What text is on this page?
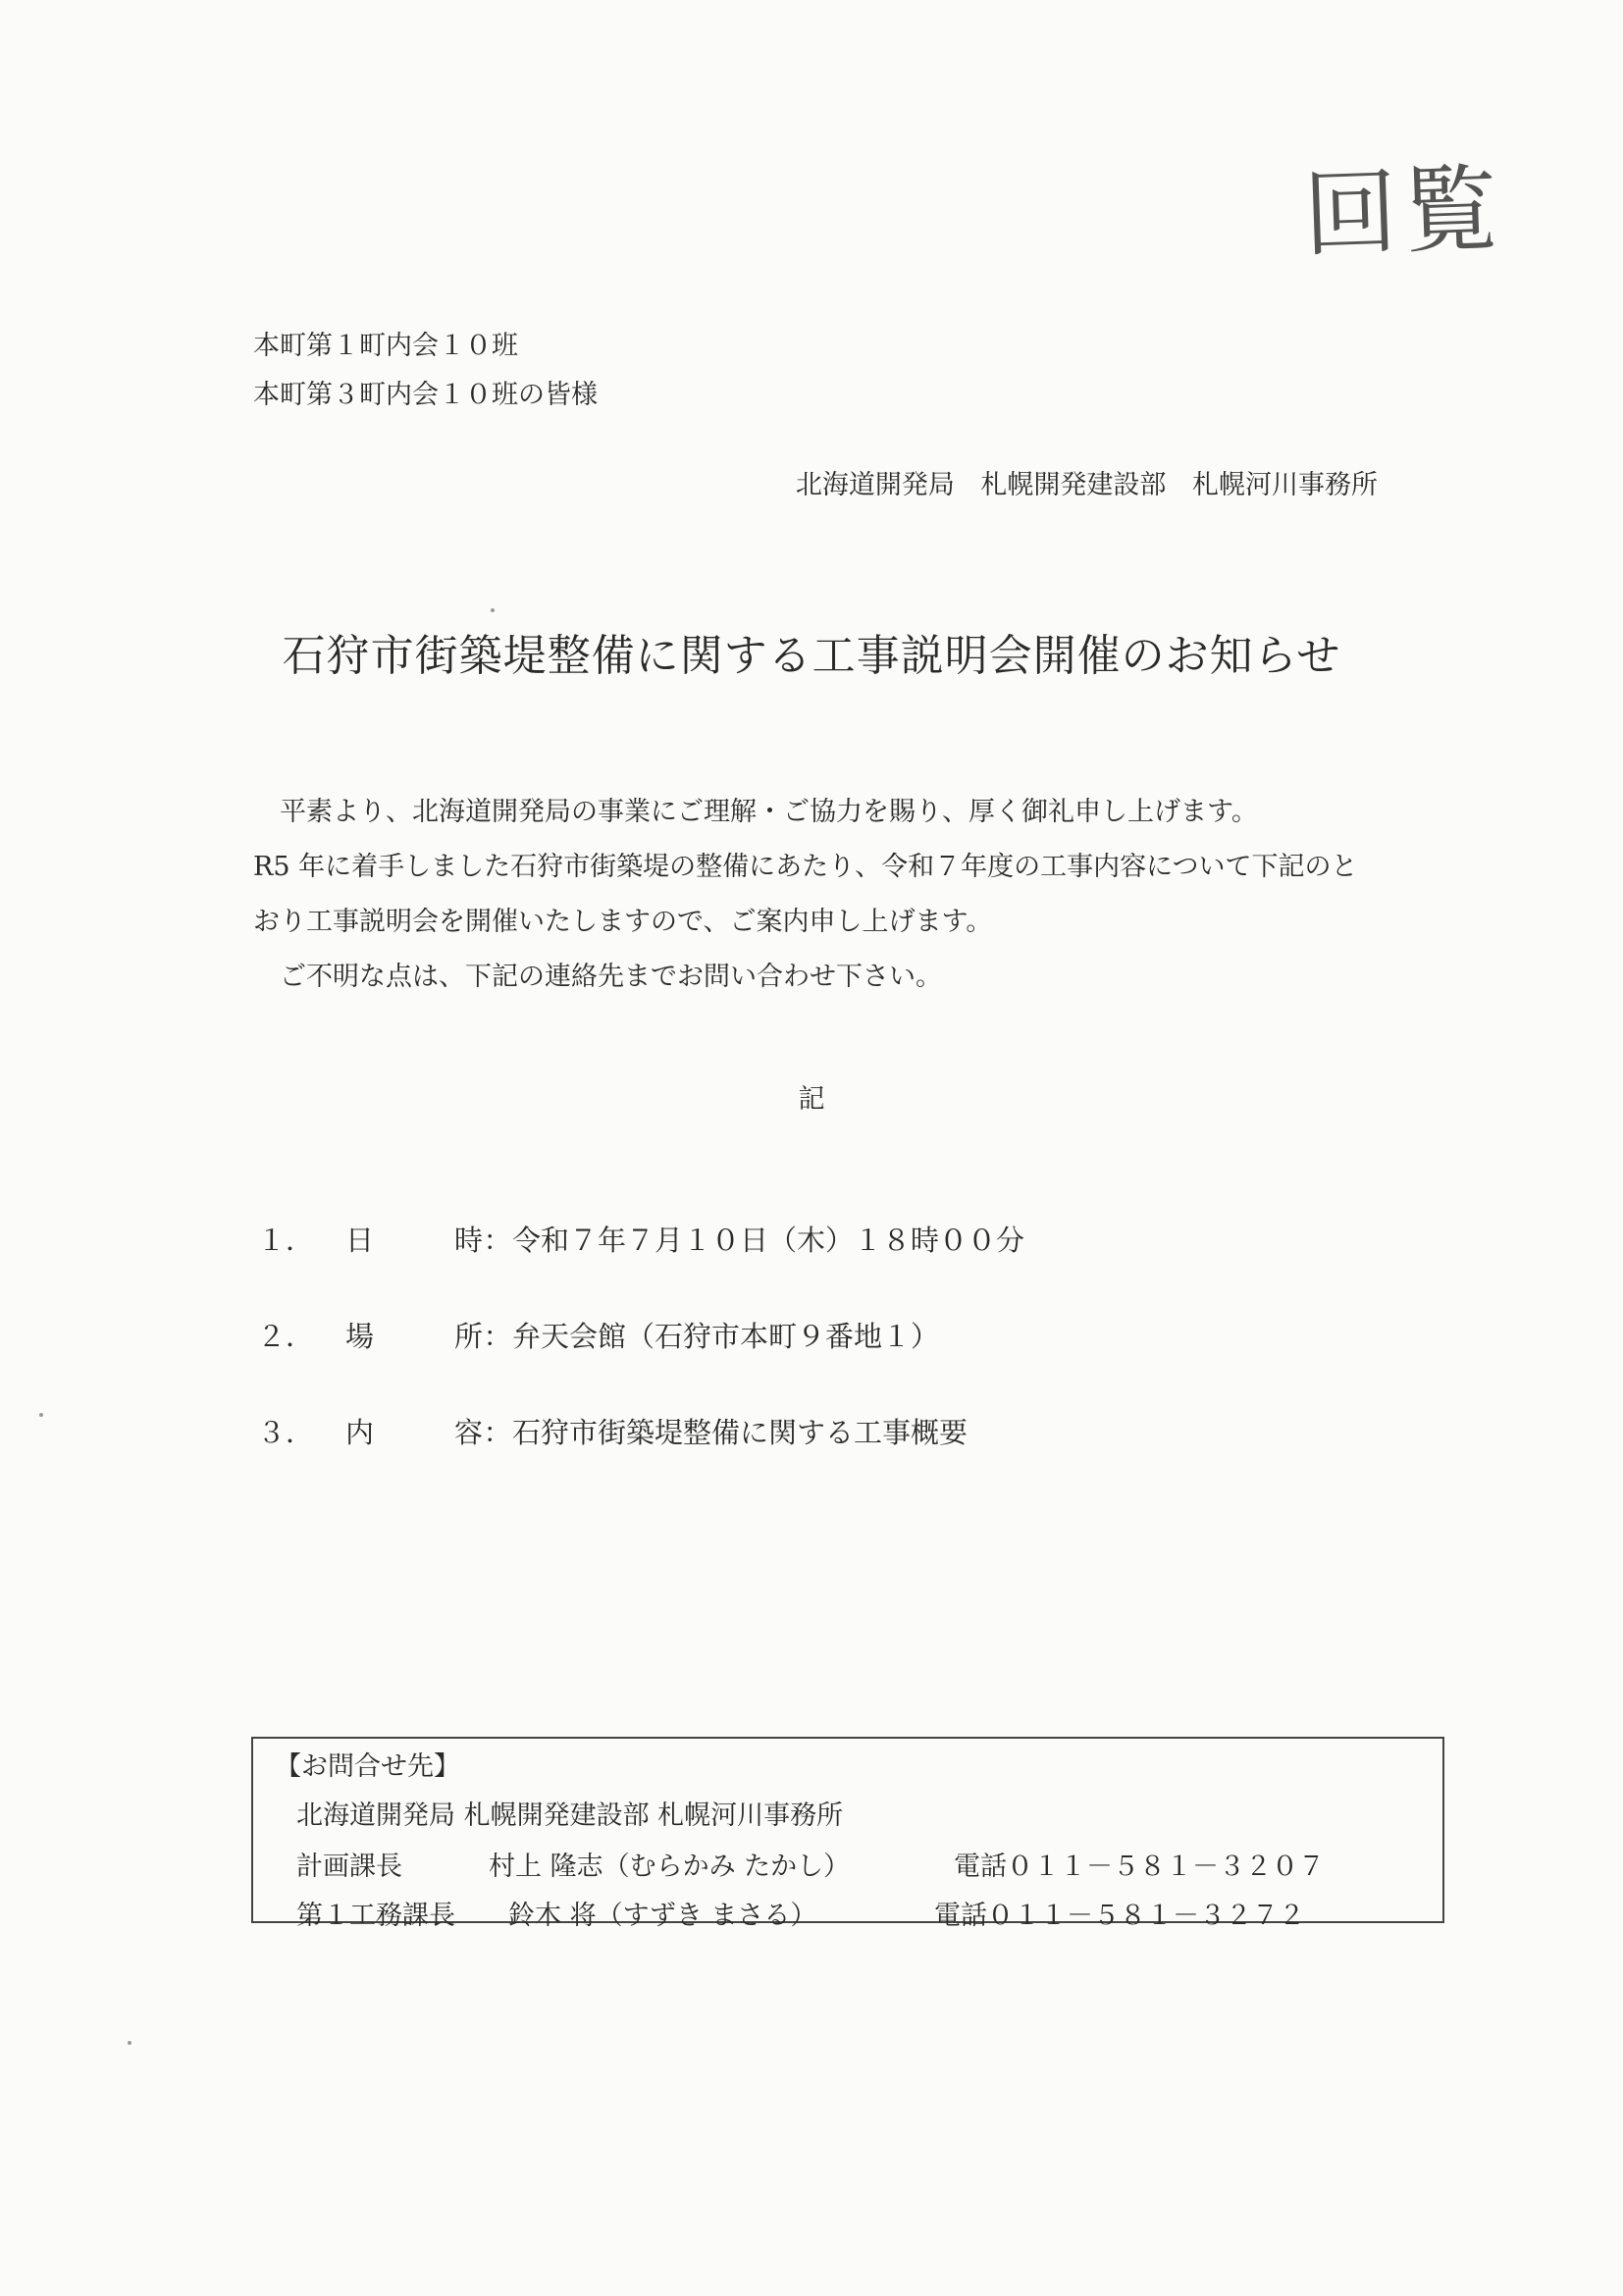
回覧
本町第１町内会１０班
本町第３町内会１０班の皆様
北海道開発局 札幌開発建設部 札幌河川事務所
石狩市街築堤整備に関する工事説明会開催のお知らせ

平素より、北海道開発局の事業にご理解・ご協力を賜り、厚く御礼申し上げます。

R5 年に着手しました石狩市街築堤の整備にあたり、令和７年度の工事内容について下記のとおり工事説明会を開催いたしますので、ご案内申し上げます。

ご不明な点は、下記の連絡先までお問い合わせ下さい。

記
１．	日	時 ： 令和７年７月１０日（木）１８時００分
２．	場	所 ： 弁天会館（石狩市本町９番地１）
３．	内	容 ： 石狩市街築堤整備に関する工事概要
【お問合せ先】
北海道開発局 札幌開発建設部 札幌河川事務所
計画課長	村上 隆志（むらかみ たかし）	電話０１１－５８１－３２０７
第１工務課長	鈴木 将（すずき まさる）	電話０１１－５８１－３２７２
